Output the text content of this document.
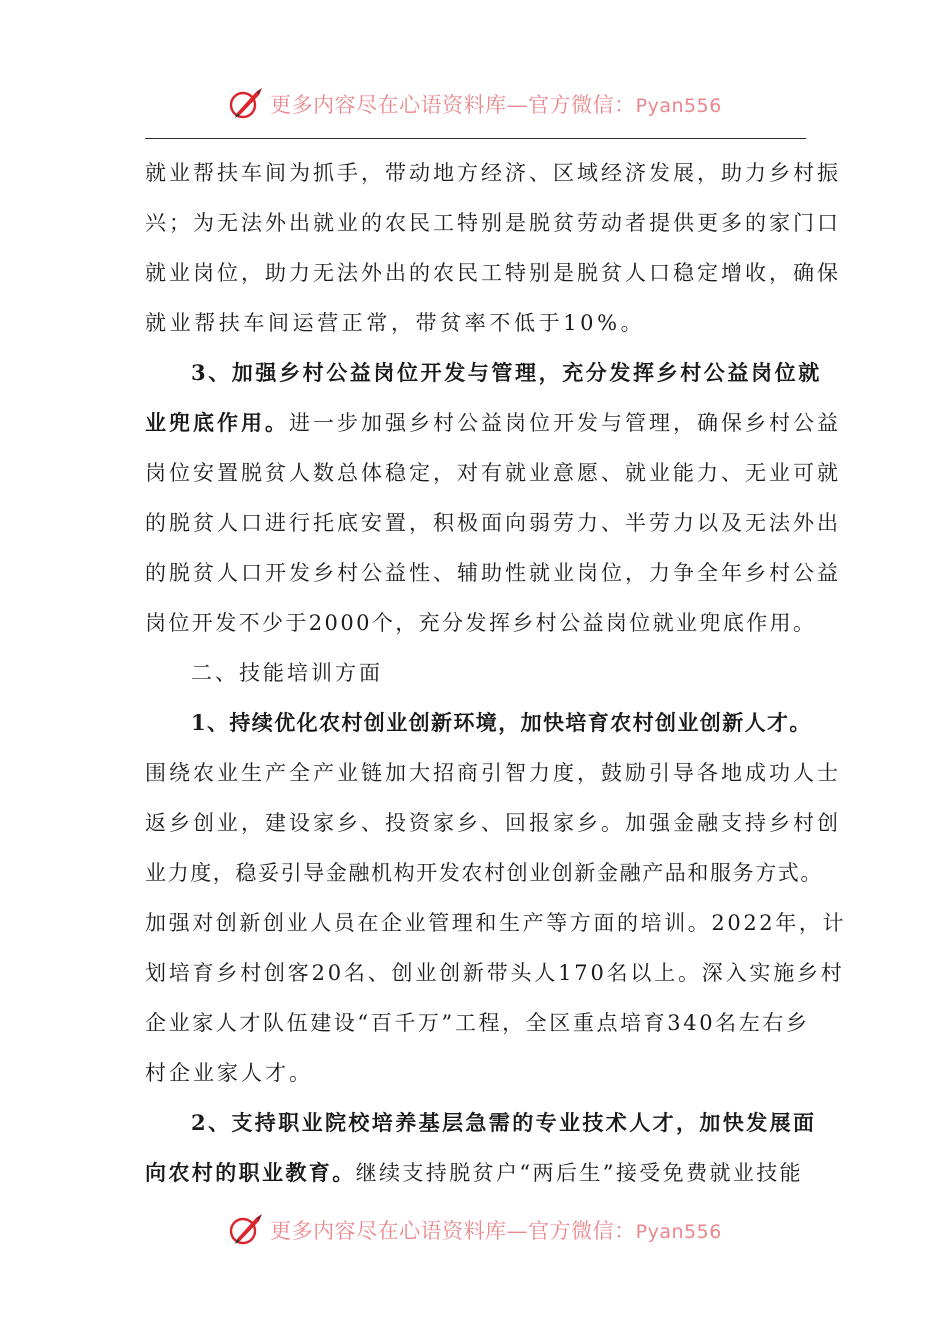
更多内容尽在心语资料库—官方微信：Pyan556
就业帮扶车间为抓手，带动地方经济、区域经济发展，助力乡村振
兴；为无法外出就业的农民工特别是脱贫劳动者提供更多的家门口
就业岗位，助力无法外出的农民工特别是脱贫人口稳定增收，确保
就业帮扶车间运营正常，带贫率不低于10%。
3、加强乡村公益岗位开发与管理，充分发挥乡村公益岗位就
业兜底作用。进一步加强乡村公益岗位开发与管理，确保乡村公益
岗位安置脱贫人数总体稳定，对有就业意愿、就业能力、无业可就
的脱贫人口进行托底安置，积极面向弱劳力、半劳力以及无法外出
的脱贫人口开发乡村公益性、辅助性就业岗位，力争全年乡村公益
岗位开发不少于2000个，充分发挥乡村公益岗位就业兜底作用。
二、技能培训方面
1、持续优化农村创业创新环境，加快培育农村创业创新人才。
围绕农业生产全产业链加大招商引智力度，鼓励引导各地成功人士
返乡创业，建设家乡、投资家乡、回报家乡。加强金融支持乡村创
业力度，稳妥引导金融机构开发农村创业创新金融产品和服务方式。
加强对创新创业人员在企业管理和生产等方面的培训。2022年，计
划培育乡村创客20名、创业创新带头人170名以上。深入实施乡村
企业家人才队伍建设“百千万”工程，全区重点培育340名左右乡
村企业家人才。
2、支持职业院校培养基层急需的专业技术人才，加快发展面
向农村的职业教育。继续支持脱贫户“两后生”接受免费就业技能
更多内容尽在心语资料库—官方微信：Pyan556
